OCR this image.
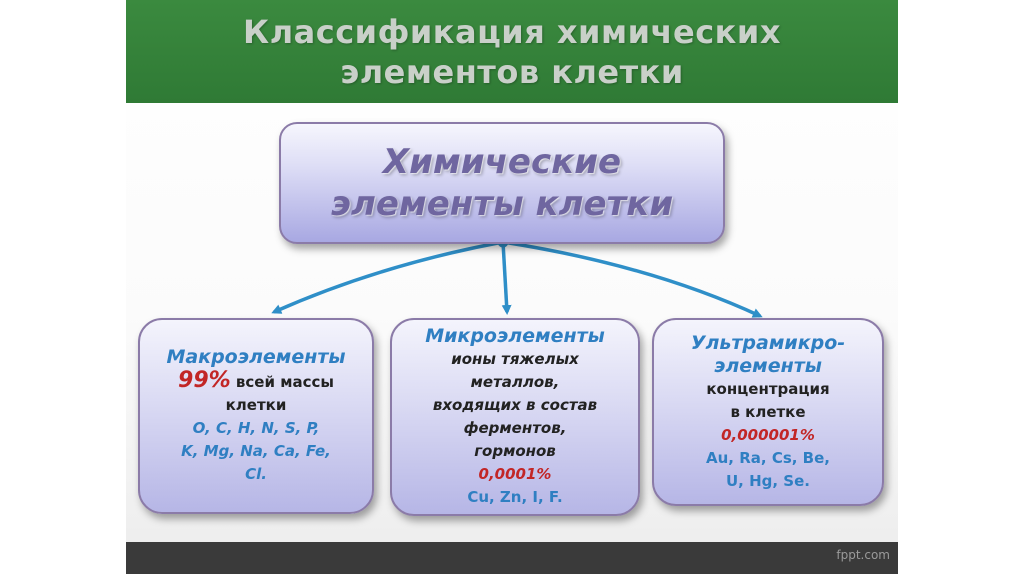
Классификация химических
элементов клетки
fppt.com
Химические
элементы клетки
Макроэлементы
99% всей массы
клетки
O, C, H, N, S, P,
K, Mg, Na, Ca, Fe,
Cl.
Микроэлементы
ионы тяжелых
металлов,
входящих в состав
ферментов,
гормонов
0,0001%
Cu, Zn, I, F.
Ультрамикро-
элементы
концентрация
в клетке
0,000001%
Au, Ra, Cs, Be,
U, Hg, Se.
